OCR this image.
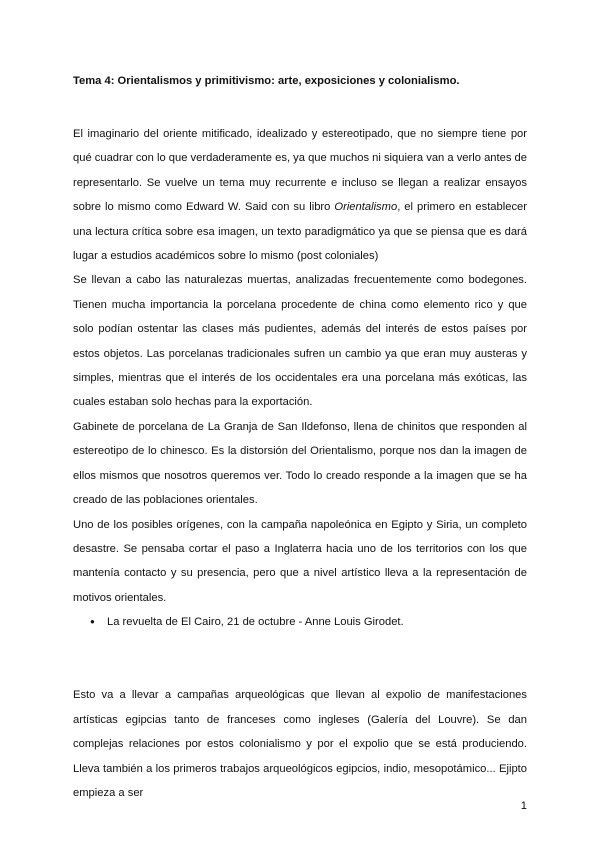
Tema 4: Orientalismos y primitivismo: arte, exposiciones y colonialismo.

El imaginario del oriente mitificado, idealizado y estereotipado, que no siempre tiene por qué cuadrar con lo que verdaderamente es, ya que muchos ni siquiera van a verlo antes de representarlo. Se vuelve un tema muy recurrente e incluso se llegan a realizar ensayos sobre lo mismo como Edward W. Said con su libro Orientalismo, el primero en establecer una lectura crítica sobre esa imagen, un texto paradigmático ya que se piensa que es dará lugar a estudios académicos sobre lo mismo (post coloniales)

Se llevan a cabo las naturalezas muertas, analizadas frecuentemente como bodegones. Tienen mucha importancia la porcelana procedente de china como elemento rico y que solo podían ostentar las clases más pudientes, además del interés de estos países por estos objetos. Las porcelanas tradicionales sufren un cambio ya que eran muy austeras y simples, mientras que el interés de los occidentales era una porcelana más exóticas, las cuales estaban solo hechas para la exportación.

Gabinete de porcelana de La Granja de San Ildefonso, llena de chinitos que responden al estereotipo de lo chinesco. Es la distorsión del Orientalismo, porque nos dan la imagen de ellos mismos que nosotros queremos ver. Todo lo creado responde a la imagen que se ha creado de las poblaciones orientales.

Uno de los posibles orígenes, con la campaña napoleónica en Egipto y Siria, un completo desastre. Se pensaba cortar el paso a Inglaterra hacia uno de los territorios con los que mantenía contacto y su presencia, pero que a nivel artístico lleva a la representación de motivos orientales.

● La revuelta de El Cairo, 21 de octubre - Anne Louis Girodet.

Esto va a llevar a campañas arqueológicas que llevan al expolio de manifestaciones artísticas egipcias tanto de franceses como ingleses (Galería del Louvre). Se dan complejas relaciones por estos colonialismo y por el expolio que se está produciendo. Lleva también a los primeros trabajos arqueológicos egipcios, indio, mesopotámico... Ejipto empieza a ser

1
